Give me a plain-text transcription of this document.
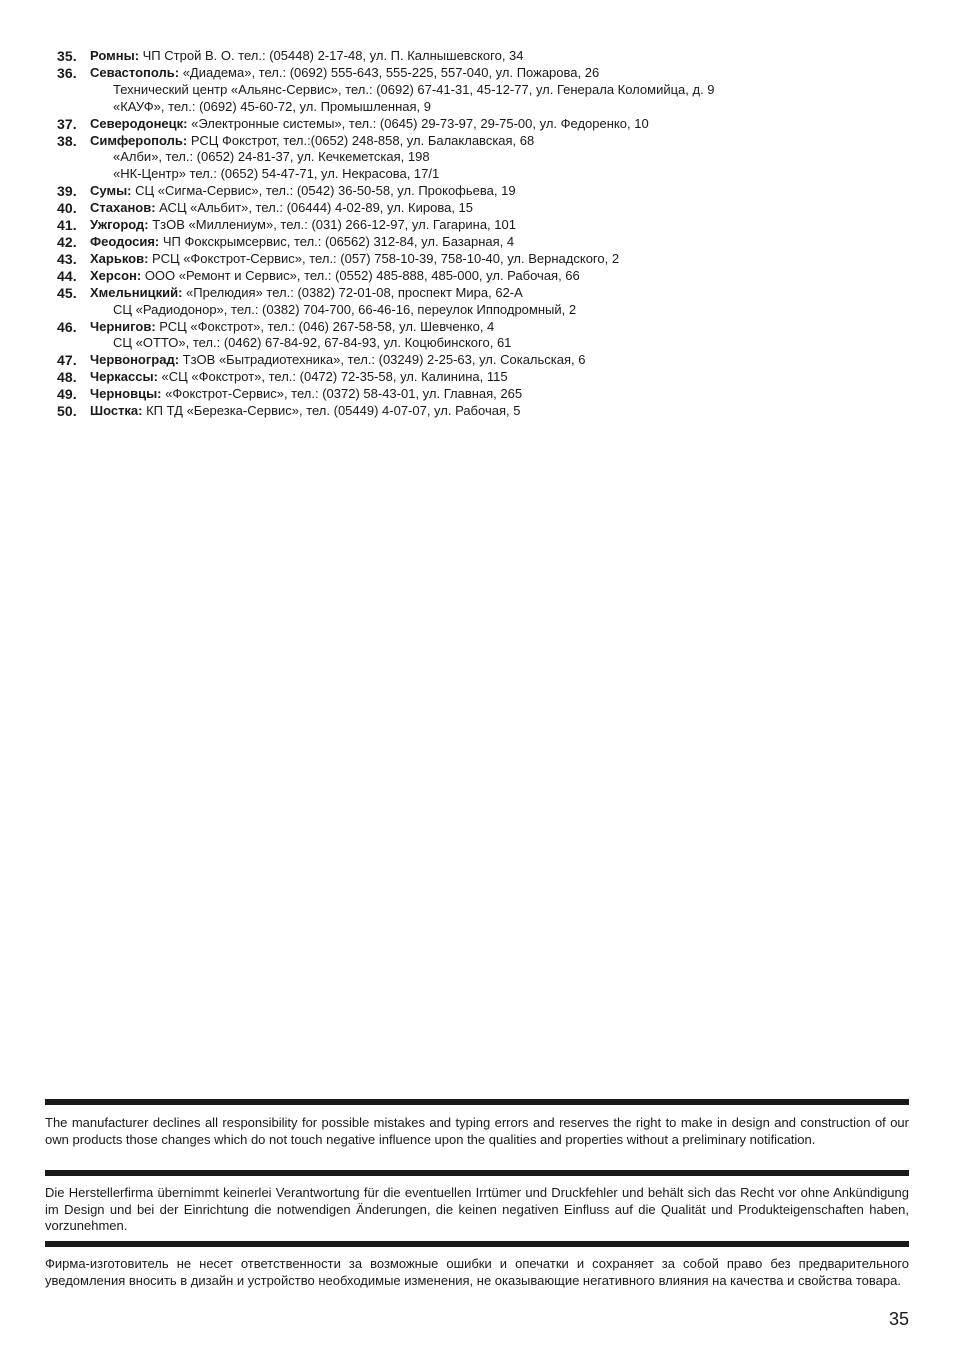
35.	Ромны: ЧП Строй В. О. тел.: (05448) 2-17-48, ул. П. Калнышевского, 34
36.	Севастополь: «Диадема», тел.: (0692) 555-643, 555-225, 557-040, ул. Пожарова, 26
Технический центр «Альянс-Сервис», тел.: (0692) 67-41-31, 45-12-77, ул. Генерала Коломийца, д. 9
«КАУФ», тел.: (0692) 45-60-72, ул. Промышленная, 9
37.	Северодонецк: «Электронные системы», тел.: (0645) 29-73-97, 29-75-00, ул. Федоренко, 10
38.	Симферополь: РСЦ Фокстрот, тел.:(0652) 248-858, ул. Балаклавская, 68
«Алби», тел.: (0652) 24-81-37, ул. Кечкеметская, 198
«НК-Центр» тел.: (0652) 54-47-71, ул. Некрасова, 17/1
39.	Сумы: СЦ «Сигма-Сервис», тел.: (0542) 36-50-58, ул. Прокофьева, 19
40.	Стаханов: АСЦ «Альбит», тел.: (06444) 4-02-89, ул. Кирова, 15
41.	Ужгород: ТзОВ «Миллениум», тел.: (031) 266-12-97, ул. Гагарина, 101
42.	Феодосия: ЧП Фокскрымсервис, тел.: (06562) 312-84, ул. Базарная, 4
43.	Харьков: РСЦ «Фокстрот-Сервис», тел.: (057) 758-10-39, 758-10-40, ул. Вернадского, 2
44.	Херсон: ООО «Ремонт и Сервис», тел.: (0552) 485-888, 485-000, ул. Рабочая, 66
45.	Хмельницкий: «Прелюдия» тел.: (0382) 72-01-08, проспект Мира, 62-А
СЦ «Радиодонор», тел.: (0382) 704-700, 66-46-16, переулок Ипподромный, 2
46.	Чернигов: РСЦ «Фокстрот», тел.: (046) 267-58-58, ул. Шевченко, 4
СЦ «ОТТО», тел.: (0462) 67-84-92, 67-84-93, ул. Коцюбинского, 61
47.	Червоноград: ТзОВ «Бытрадиотехника», тел.: (03249) 2-25-63, ул. Сокальская, 6
48.	Черкассы: «СЦ «Фокстрот», тел.: (0472) 72-35-58, ул. Калинина, 115
49.	Черновцы: «Фокстрот-Сервис», тел.: (0372) 58-43-01, ул. Главная, 265
50.	Шостка: КП ТД «Березка-Сервис», тел. (05449) 4-07-07, ул. Рабочая, 5

The manufacturer declines all responsibility for possible mistakes and typing errors and reserves the right to make in design and construction of our own products those changes which do not touch negative influence upon the qualities and properties without a preliminary notification.

Die Herstellerfirma übernimmt keinerlei Verantwortung für die eventuellen Irrtümer und Druckfehler und behält sich das Recht vor ohne Ankündigung im Design und bei der Einrichtung die notwendigen Änderungen, die keinen negativen Einfluss auf die Qualität und Produkteigenschaften haben, vorzunehmen.

Фирма-изготовитель не несет ответственности за возможные ошибки и опечатки и сохраняет за собой право без предварительного уведомления вносить в дизайн и устройство необходимые изменения, не оказывающие негативного влияния на качества и свойства товара.

35
